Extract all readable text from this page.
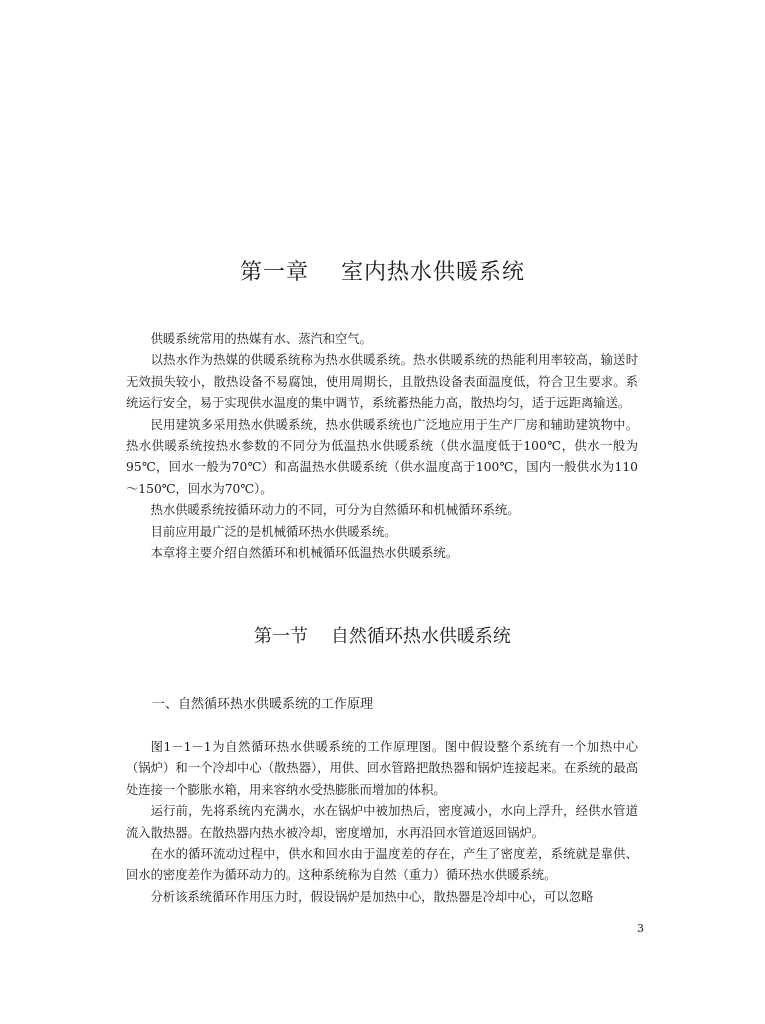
第一章    室内热水供暖系统

供暖系统常用的热媒有水、蒸汽和空气。

以热水作为热媒的供暖系统称为热水供暖系统。热水供暖系统的热能利用率较高，输送时无效损失较小，散热设备不易腐蚀，使用周期长，且散热设备表面温度低，符合卫生要求。系统运行安全，易于实现供水温度的集中调节，系统蓄热能力高，散热均匀，适于远距离输送。

民用建筑多采用热水供暖系统，热水供暖系统也广泛地应用于生产厂房和辅助建筑物中。热水供暖系统按热水参数的不同分为低温热水供暖系统（供水温度低于100℃，供水一般为95℃，回水一般为70℃）和高温热水供暖系统（供水温度高于100℃，国内一般供水为110～150℃，回水为70℃）。

热水供暖系统按循环动力的不同，可分为自然循环和机械循环系统。

目前应用最广泛的是机械循环热水供暖系统。

本章将主要介绍自然循环和机械循环低温热水供暖系统。

第一节    自然循环热水供暖系统
一、自然循环热水供暖系统的工作原理

图1－1－1为自然循环热水供暖系统的工作原理图。图中假设整个系统有一个加热中心（锅炉）和一个冷却中心（散热器），用供、回水管路把散热器和锅炉连接起来。在系统的最高处连接一个膨胀水箱，用来容纳水受热膨胀而增加的体积。

运行前，先将系统内充满水，水在锅炉中被加热后，密度减小，水向上浮升，经供水管道流入散热器。在散热器内热水被冷却，密度增加，水再沿回水管道返回锅炉。

在水的循环流动过程中，供水和回水由于温度差的存在，产生了密度差，系统就是靠供、回水的密度差作为循环动力的。这种系统称为自然（重力）循环热水供暖系统。

分析该系统循环作用压力时，假设锅炉是加热中心，散热器是冷却中心，可以忽略

3
